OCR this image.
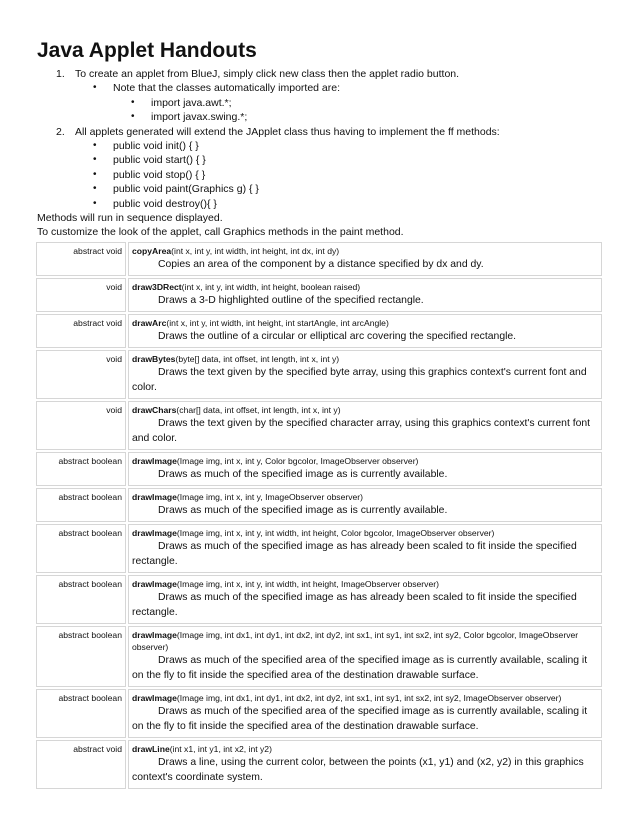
Java Applet Handouts
1. To create an applet from BlueJ, simply click new class then the applet radio button.
• Note that the classes automatically imported are:
• import java.awt.*;
• import javax.swing.*;
2. All applets generated will extend the JApplet class thus having to implement the ff methods:
• public void init() { }
• public void start() { }
• public void stop() { }
• public void paint(Graphics g) { }
• public void destroy(){ }

Methods will run in sequence displayed.

To customize the look of the applet, call Graphics methods in the paint method.

abstract void	copyArea(int x, int y, int width, int height, int dx, int dy)
Copies an area of the component by a distance specified by dx and dy.

void	draw3DRect(int x, int y, int width, int height, boolean raised)
Draws a 3-D highlighted outline of the specified rectangle.

abstract void	drawArc(int x, int y, int width, int height, int startAngle, int arcAngle)
Draws the outline of a circular or elliptical arc covering the specified rectangle.

void	drawBytes(byte[] data, int offset, int length, int x, int y)
Draws the text given by the specified byte array, using this graphics context's current font and color.

void	drawChars(char[] data, int offset, int length, int x, int y)
Draws the text given by the specified character array, using this graphics context's current font and color.

abstract boolean	drawImage(Image img, int x, int y, Color bgcolor, ImageObserver observer)
Draws as much of the specified image as is currently available.

abstract boolean	drawImage(Image img, int x, int y, ImageObserver observer)
Draws as much of the specified image as is currently available.

abstract boolean	drawImage(Image img, int x, int y, int width, int height, Color bgcolor, ImageObserver observer)
Draws as much of the specified image as has already been scaled to fit inside the specified rectangle.

abstract boolean	drawImage(Image img, int x, int y, int width, int height, ImageObserver observer)
Draws as much of the specified image as has already been scaled to fit inside the specified rectangle.

abstract boolean	drawImage(Image img, int dx1, int dy1, int dx2, int dy2, int sx1, int sy1, int sx2, int sy2, Color bgcolor, ImageObserver observer)
Draws as much of the specified area of the specified image as is currently available, scaling it on the fly to fit inside the specified area of the destination drawable surface.

abstract boolean	drawImage(Image img, int dx1, int dy1, int dx2, int dy2, int sx1, int sy1, int sx2, int sy2, ImageObserver observer)
Draws as much of the specified area of the specified image as is currently available, scaling it on the fly to fit inside the specified area of the destination drawable surface.

abstract void	drawLine(int x1, int y1, int x2, int y2)
Draws a line, using the current color, between the points (x1, y1) and (x2, y2) in this graphics context's coordinate system.
